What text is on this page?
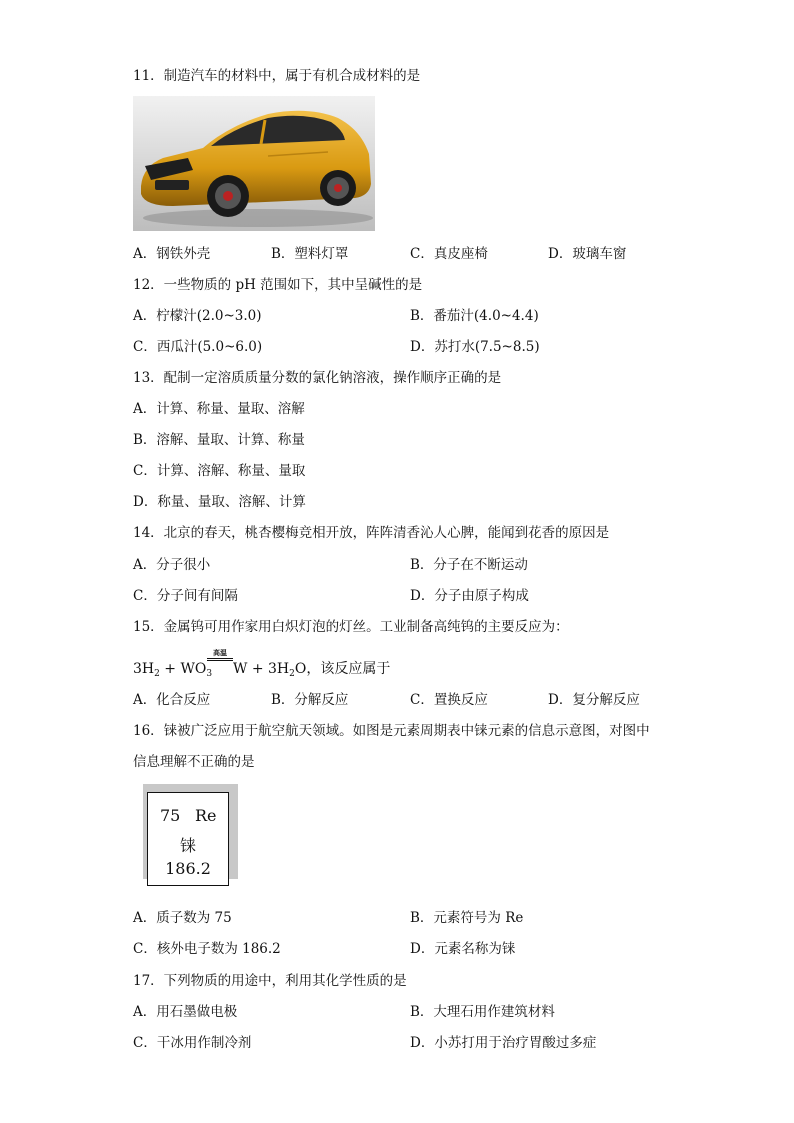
11．制造汽车的材料中，属于有机合成材料的是
A．钢铁外壳	B．塑料灯罩	C．真皮座椅	D．玻璃车窗
12．一些物质的 pH 范围如下，其中呈碱性的是
A．柠檬汁(2.0~3.0)	B．番茄汁(4.0~4.4)
C．西瓜汁(5.0~6.0)	D．苏打水(7.5~8.5)
13．配制一定溶质质量分数的氯化钠溶液，操作顺序正确的是
A．计算、称量、量取、溶解
B．溶解、量取、计算、称量
C．计算、溶解、称量、量取
D．称量、量取、溶解、计算
14．北京的春天，桃杏樱梅竞相开放，阵阵清香沁人心脾，能闻到花香的原因是
A．分子很小	B．分子在不断运动
C．分子间有间隔	D．分子由原子构成
15．金属钨可用作家用白炽灯泡的灯丝。工业制备高纯钨的主要反应为：
$3H_2 + WO_3$
高温
$W + 3H_2O$，该反应属于
A．化合反应	B．分解反应	C．置换反应	D．复分解反应
16．铼被广泛应用于航空航天领域。如图是元素周期表中铼元素的信息示意图，对图中
信息理解不正确的是
75 Re
铼
186.2
A．质子数为 75	B．元素符号为 Re
C．核外电子数为 186.2	D．元素名称为铼
17．下列物质的用途中，利用其化学性质的是
A．用石墨做电极	B．大理石用作建筑材料
C．干冰用作制冷剂	D．小苏打用于治疗胃酸过多症
